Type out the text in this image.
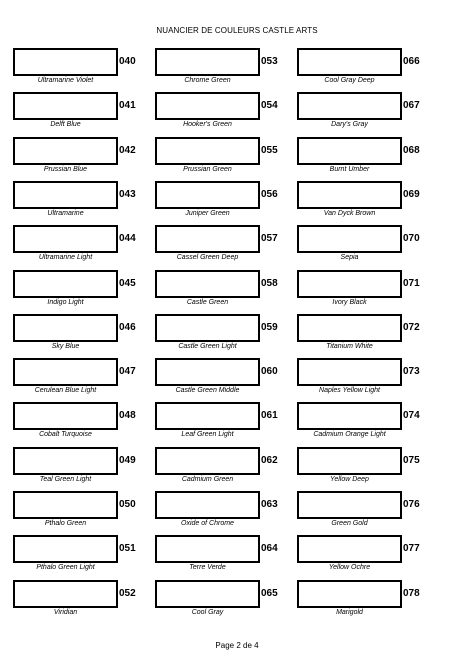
NUANCIER DE COULEURS CASTLE ARTS
040
Ultramarine Violet
041
Delft Blue
042
Prussian Blue
043
Ultramarine
044
Ultramarine Light
045
Indigo Light
046
Sky Blue
047
Cerulean Blue Light
048
Cobalt Turquoise
049
Teal Green Light
050
Pthalo Green
051
Pthalo Green Light
052
Viridian
053
Chrome Green
054
Hooker's Green
055
Prussian Green
056
Juniper Green
057
Cassel Green Deep
058
Castle Green
059
Castle Green Light
060
Castle Green Middle
061
Leaf Green Light
062
Cadmium Green
063
Oxide of Chrome
064
Terre Verde
065
Cool Gray
066
Cool Gray Deep
067
Dary's Gray
068
Burnt Umber
069
Van Dyck Brown
070
Sepia
071
Ivory Black
072
Titanium White
073
Naples Yellow Light
074
Cadmium Orange Light
075
Yellow Deep
076
Green Gold
077
Yellow Ochre
078
Marigold
Page 2 de 4
